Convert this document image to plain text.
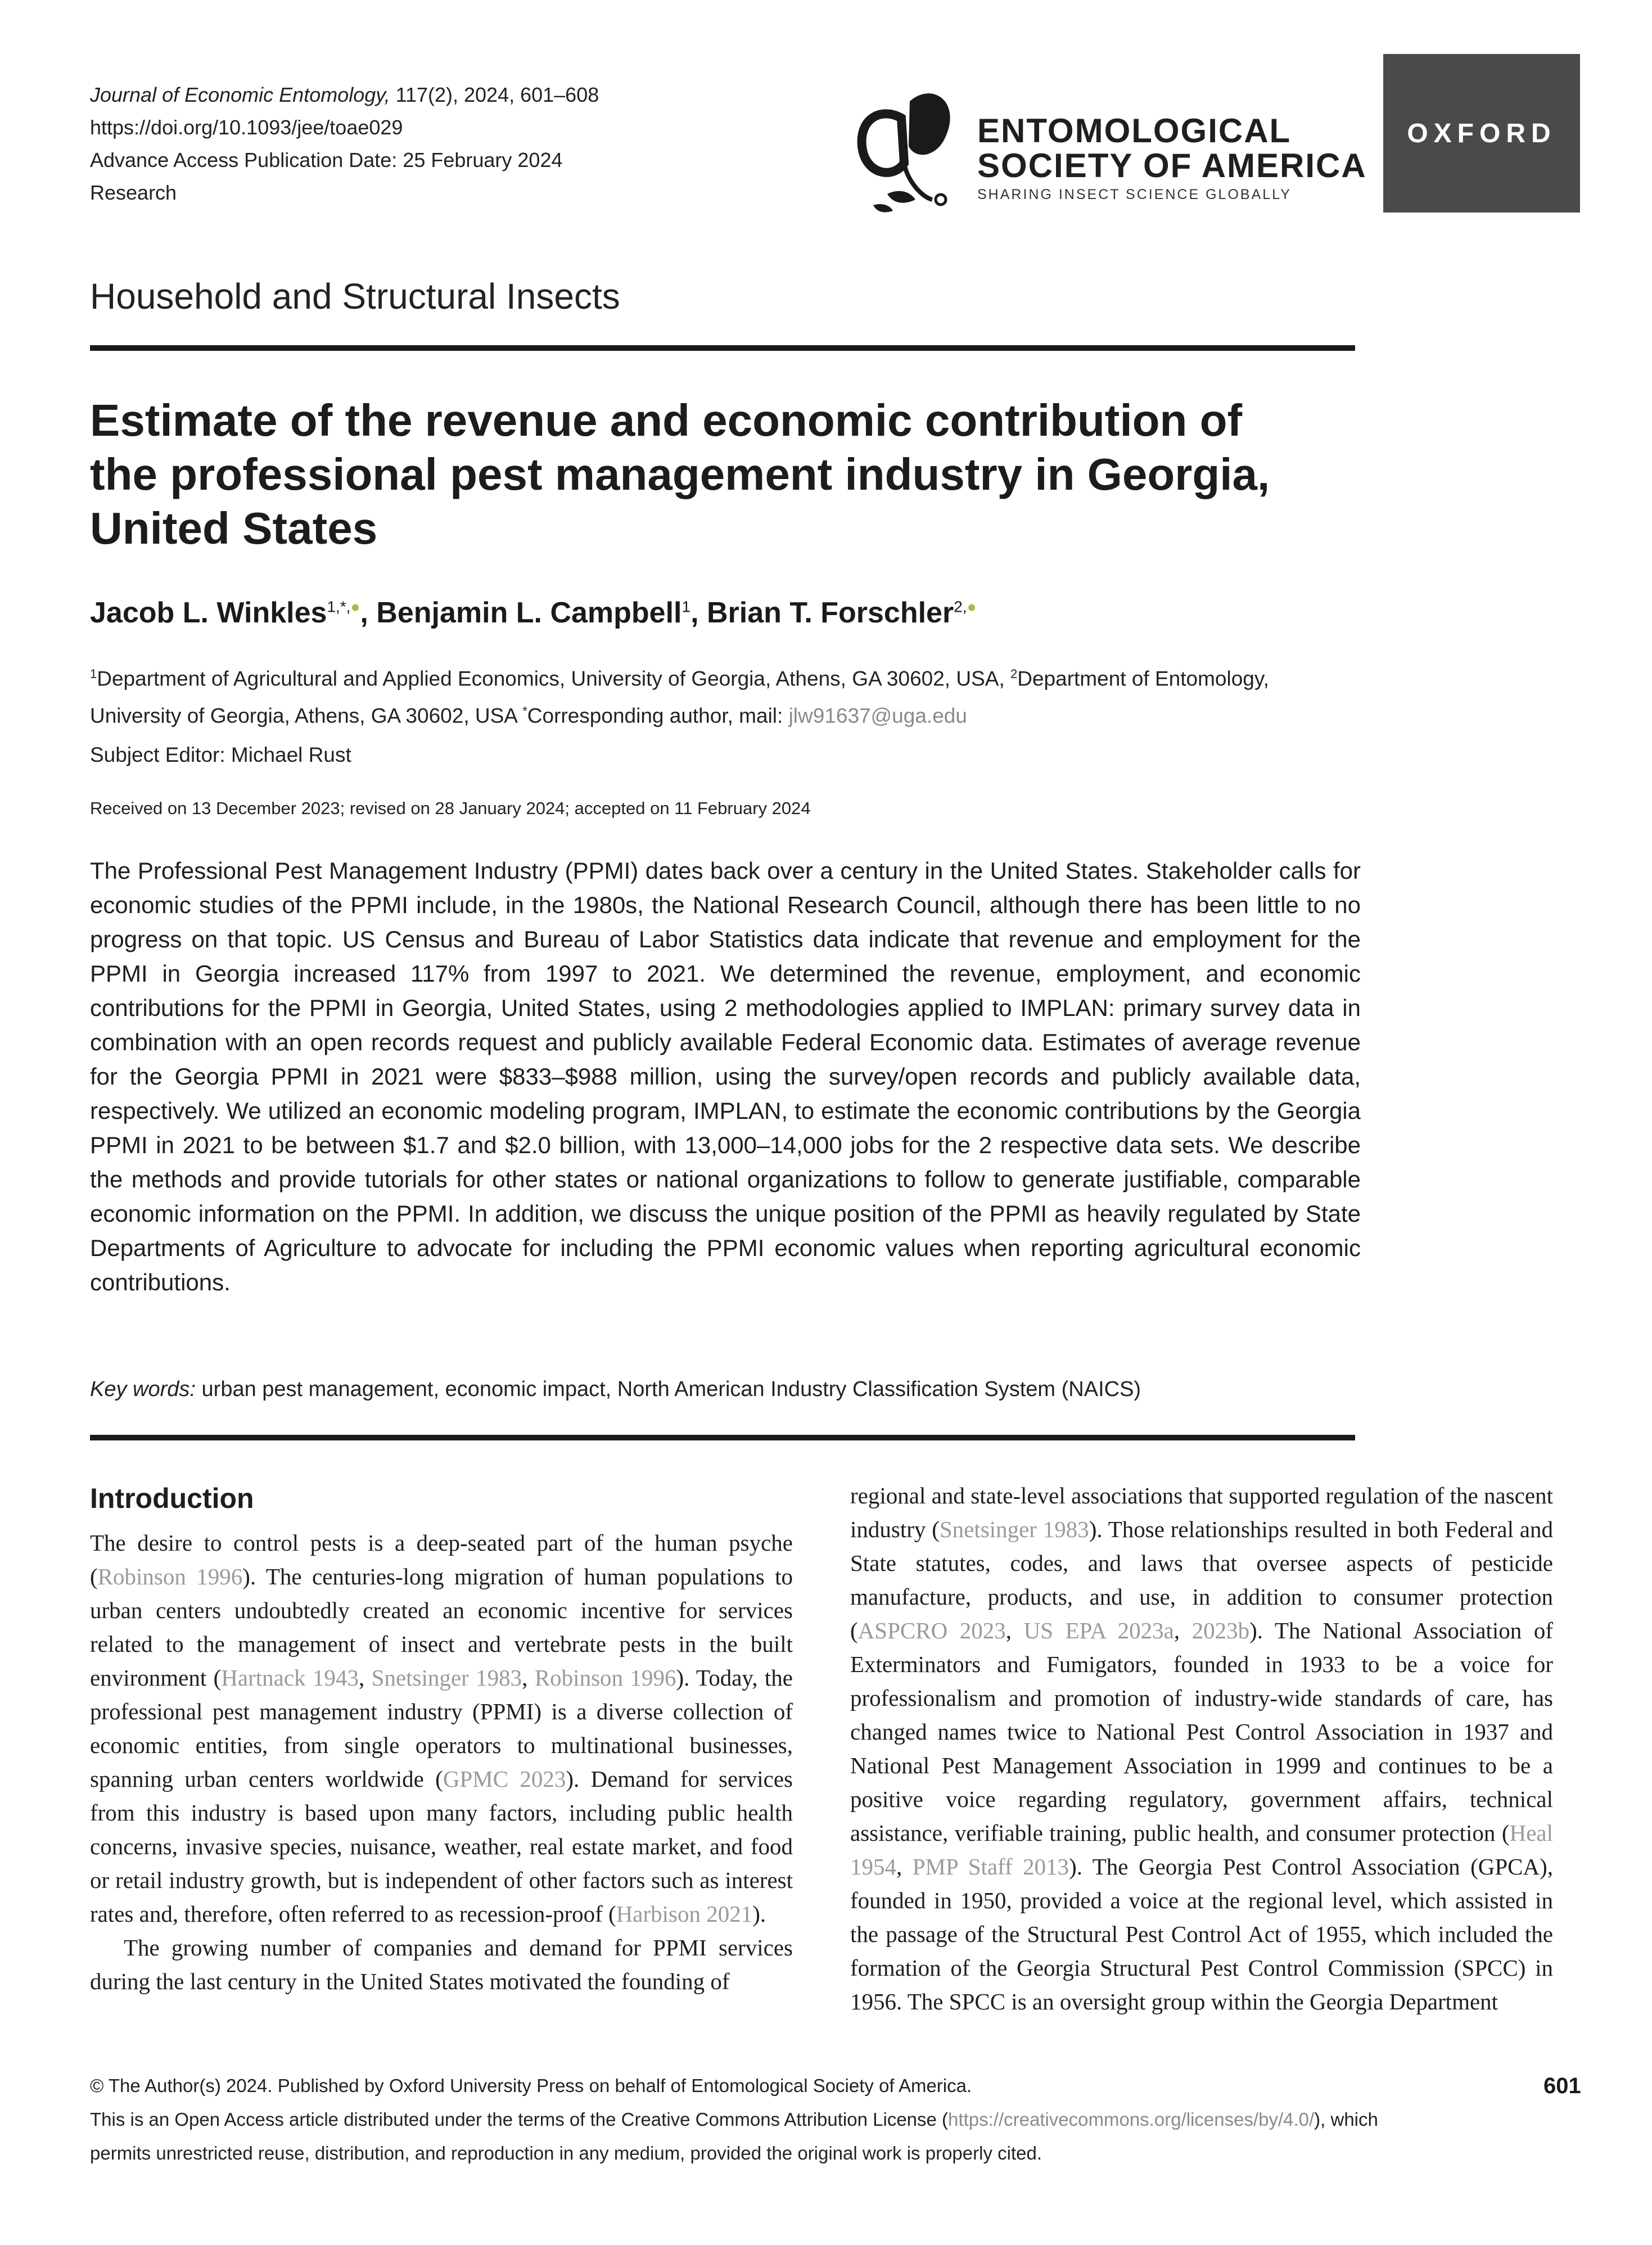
Journal of Economic Entomology, 117(2), 2024, 601–608
https://doi.org/10.1093/jee/toae029
Advance Access Publication Date: 25 February 2024
Research
ENTOMOLOGICAL
SOCIETY OF AMERICA
SHARING INSECT SCIENCE GLOBALLY
OXFORD
Household and Structural Insects
Estimate of the revenue and economic contribution of
the professional pest management industry in Georgia,
United States
Jacob L. Winkles$^{1,*,●}$, Benjamin L. Campbell$^1$, Brian T. Forschler$^{2,●}$
$^1$Department of Agricultural and Applied Economics, University of Georgia, Athens, GA 30602, USA, $^2$Department of Entomology, University of Georgia, Athens, GA 30602, USA *Corresponding author, mail: jlw91637@uga.edu
Subject Editor: Michael Rust
Received on 13 December 2023; revised on 28 January 2024; accepted on 11 February 2024
The Professional Pest Management Industry (PPMI) dates back over a century in the United States. Stakeholder calls for economic studies of the PPMI include, in the 1980s, the National Research Council, although there has been little to no progress on that topic. US Census and Bureau of Labor Statistics data indicate that revenue and employment for the PPMI in Georgia increased 117% from 1997 to 2021. We determined the revenue, employment, and economic contributions for the PPMI in Georgia, United States, using 2 methodologies applied to IMPLAN: primary survey data in combination with an open records request and publicly available Federal Economic data. Estimates of average revenue for the Georgia PPMI in 2021 were $833–$988 million, using the survey/open records and publicly available data, respectively. We utilized an economic modeling program, IMPLAN, to estimate the economic contributions by the Georgia PPMI in 2021 to be between $1.7 and $2.0 billion, with 13,000–14,000 jobs for the 2 respective data sets. We describe the methods and provide tutorials for other states or national organizations to follow to generate justifiable, comparable economic information on the PPMI. In addition, we discuss the unique position of the PPMI as heavily regulated by State Departments of Agriculture to advocate for including the PPMI economic values when reporting agricultural economic contributions.
Key words: urban pest management, economic impact, North American Industry Classification System (NAICS)
Introduction

The desire to control pests is a deep-seated part of the human psyche (Robinson 1996). The centuries-long migration of human populations to urban centers undoubtedly created an economic incentive for services related to the management of insect and vertebrate pests in the built environment (Hartnack 1943, Snetsinger 1983, Robinson 1996). Today, the professional pest management industry (PPMI) is a diverse collection of economic entities, from single operators to multinational businesses, spanning urban centers worldwide (GPMC 2023). Demand for services from this industry is based upon many factors, including public health concerns, invasive species, nuisance, weather, real estate market, and food or retail industry growth, but is independent of other factors such as interest rates and, therefore, often referred to as recession-proof (Harbison 2021).

The growing number of companies and demand for PPMI services during the last century in the United States motivated the founding of

regional and state-level associations that supported regulation of the nascent industry (Snetsinger 1983). Those relationships resulted in both Federal and State statutes, codes, and laws that oversee aspects of pesticide manufacture, products, and use, in addition to consumer protection (ASPCRO 2023, US EPA 2023a, 2023b). The National Association of Exterminators and Fumigators, founded in 1933 to be a voice for professionalism and promotion of industry-wide standards of care, has changed names twice to National Pest Control Association in 1937 and National Pest Management Association in 1999 and continues to be a positive voice regarding regulatory, government affairs, technical assistance, verifiable training, public health, and consumer protection (Heal 1954, PMP Staff 2013). The Georgia Pest Control Association (GPCA), founded in 1950, provided a voice at the regional level, which assisted in the passage of the Structural Pest Control Act of 1955, which included the formation of the Georgia Structural Pest Control Commission (SPCC) in 1956. The SPCC is an oversight group within the Georgia Department

© The Author(s) 2024. Published by Oxford University Press on behalf of Entomological Society of America.
This is an Open Access article distributed under the terms of the Creative Commons Attribution License (https://creativecommons.org/licenses/by/4.0/), which
permits unrestricted reuse, distribution, and reproduction in any medium, provided the original work is properly cited.
601
